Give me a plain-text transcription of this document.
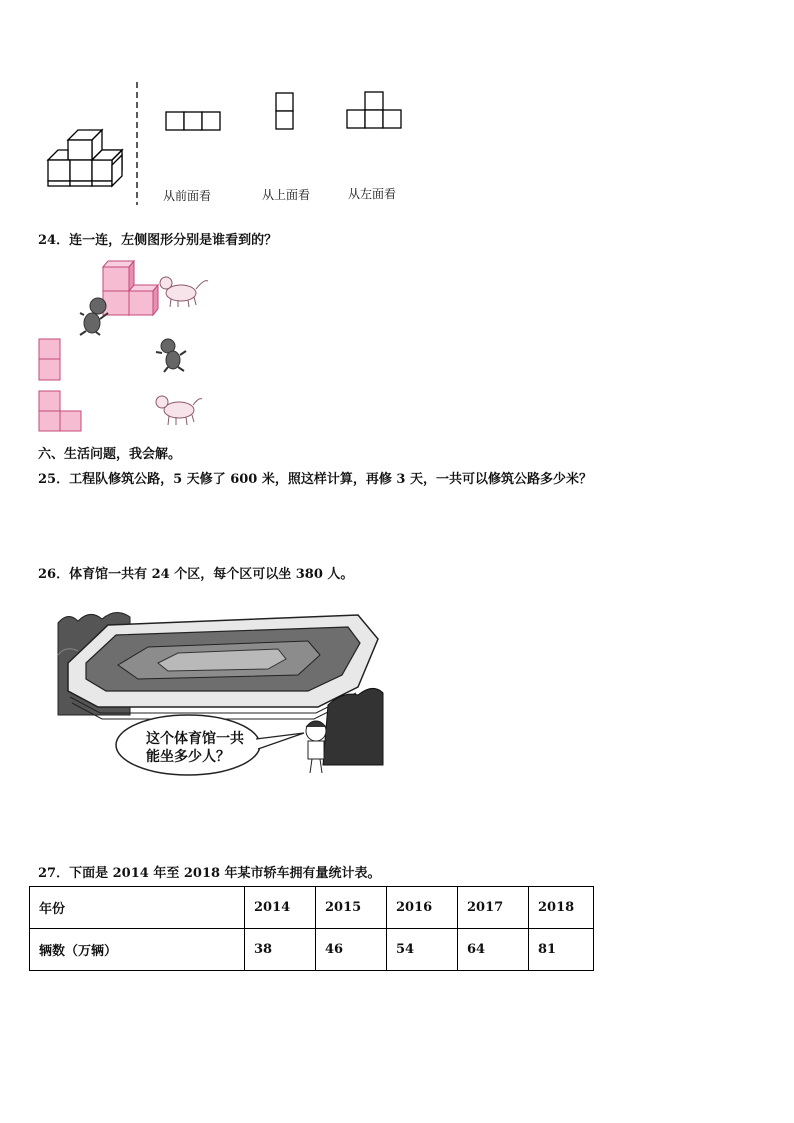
从前面看	从上面看	从左面看
24．连一连，左侧图形分别是谁看到的？
六、生活问题，我会解。
25．工程队修筑公路，5 天修了 600 米，照这样计算，再修 3 天，一共可以修筑公路多少米？
26．体育馆一共有 24 个区，每个区可以坐 380 人。
这个体育馆一共
能坐多少人？
27．下面是 2014 年至 2018 年某市轿车拥有量统计表。
年份	2014	2015	2016	2017	2018
辆数（万辆）	38	46	54	64	81
